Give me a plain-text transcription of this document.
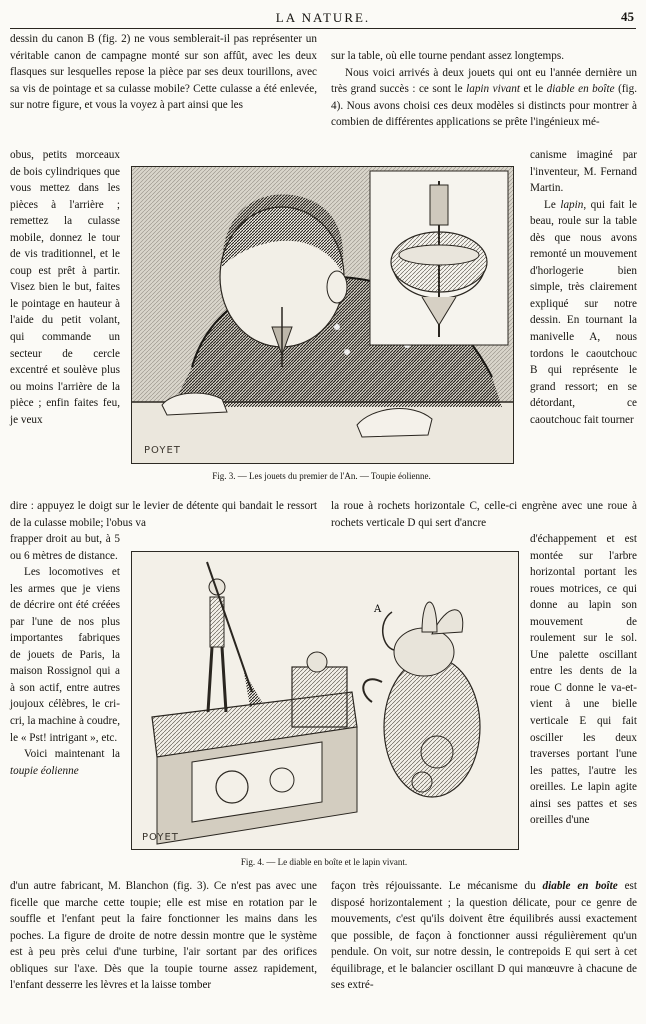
LA NATURE.	45

dessin du canon B (fig. 2) ne vous semblerait-il pas représenter un véritable canon de campagne monté sur son affût, avec les deux flasques sur lesquelles repose la pièce par ses deux tourillons, avec sa vis de pointage et sa culasse mobile? Cette culasse a été enlevée, sur notre figure, et vous la voyez à part ainsi que les

obus, petits morceaux de bois cylindriques que vous mettez dans les pièces à l'arrière ; remettez la culasse mobile, donnez le tour de vis traditionnel, et le coup est prêt à partir. Visez bien le but, faites le pointage en hauteur à l'aide du petit volant, qui commande un secteur de cercle excentré et soulève plus ou moins l'arrière de la pièce ; enfin faites feu, je veux

dire : appuyez le doigt sur le levier de détente qui bandait le ressort de la culasse mobile; l'obus va

frapper droit au but, à 5 ou 6 mètres de distance.

Les locomotives et les armes que je viens de décrire ont été créées par l'une de nos plus importantes fabriques de jouets de Paris, la maison Rossignol qui a à son actif, entre autres joujoux célèbres, le cri-cri, la machine à coudre, le « Pst! intrigant », etc.

Voici maintenant la toupie éolienne

d'un autre fabricant, M. Blanchon (fig. 3). Ce n'est pas avec une ficelle que marche cette toupie; elle est mise en rotation par le souffle et l'enfant peut la faire fonctionner les mains dans les poches. La figure de droite de notre dessin montre que le système est à peu près celui d'une turbine, l'air sortant par des orifices obliques sur l'axe. Dès que la toupie tourne assez rapidement, l'enfant desserre les lèvres et la laisse tomber

sur la table, où elle tourne pendant assez longtemps.

Nous voici arrivés à deux jouets qui ont eu l'année dernière un très grand succès : ce sont le lapin vivant et le diable en boîte (fig. 4). Nous avons choisi ces deux modèles si distincts pour montrer à combien de différentes applications se prête l'ingénieux mé-

canisme imaginé par l'inventeur, M. Fernand Martin.

Le lapin, qui fait le beau, roule sur la table dès que nous avons remonté un mouvement d'horlogerie bien simple, très clairement expliqué sur notre dessin. En tournant la manivelle A, nous tordons le caoutchouc B qui représente le grand ressort; en se détordant, ce caoutchouc fait tourner

la roue à rochets horizontale C, celle-ci engrène avec une roue à rochets verticale D qui sert d'ancre

d'échappement et est montée sur l'arbre horizontal portant les roues motrices, ce qui donne au lapin son mouvement de roulement sur le sol. Une palette oscillant entre les dents de la roue C donne le va-et-vient à une bielle verticale E qui fait osciller les deux traverses portant l'une les pattes, l'autre les oreilles. Le lapin agite ainsi ses pattes et ses oreilles d'une

façon très réjouissante. Le mécanisme du diable en boîte est disposé horizontalement ; la question délicate, pour ce genre de mouvements, c'est qu'ils doivent être équilibrés aussi exactement que possible, de façon à fonctionner aussi régulièrement qu'un pendule. On voit, sur notre dessin, le contrepoids E qui sert à cet équilibrage, et le balancier oscillant D qui manœuvre à chacune de ses extré-

POYET
Fig. 3. — Les jouets du premier de l'An. — Toupie éolienne.
A
POYET
Fig. 4. — Le diable en boîte et le lapin vivant.
